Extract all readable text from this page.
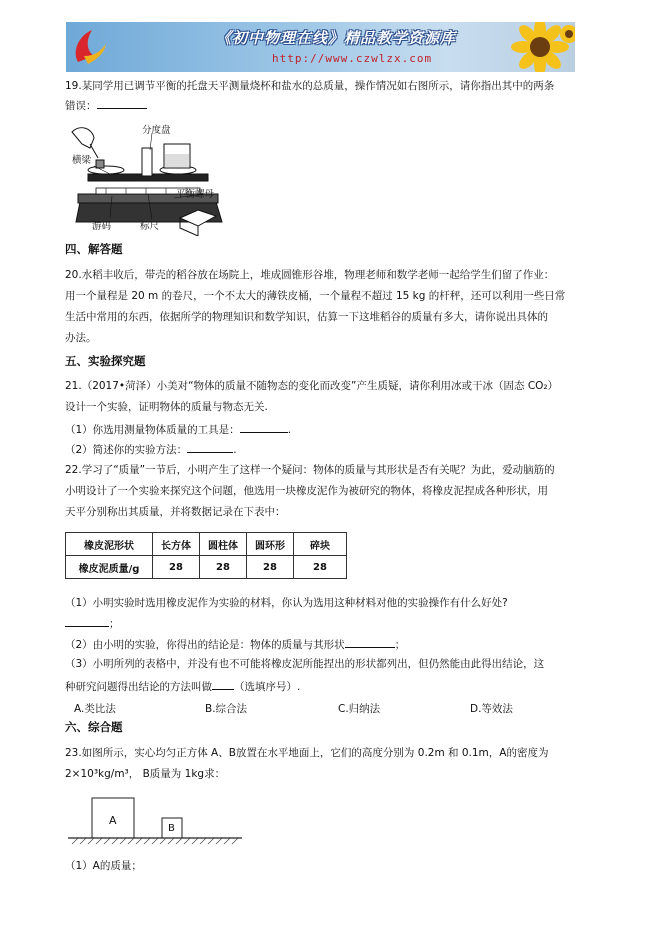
《初中物理在线》精品教学资源库
http://www.czwlzx.com
19.某同学用已调节平衡的托盘天平测量烧杯和盐水的总质量，操作情况如右图所示，请你指出其中的两条
错误：
分度盘
横梁
平衡螺母
游码	标尺
四、解答题
20.水稻丰收后，带壳的稻谷放在场院上，堆成圆锥形谷堆，物理老师和数学老师一起给学生们留了作业：
用一个量程是 20 m 的卷尺，一个不太大的薄铁皮桶，一个量程不超过 15 kg 的杆秤，还可以利用一些日常
生活中常用的东西，依据所学的物理知识和数学知识，估算一下这堆稻谷的质量有多大，请你说出具体的
办法。
五、实验探究题
21.（2017•菏泽）小美对“物体的质量不随物态的变化而改变”产生质疑，请你利用冰或干冰（固态 CO₂）
设计一个实验，证明物体的质量与物态无关.
（1）你选用测量物体质量的工具是：	.
（2）简述你的实验方法：	.
22.学习了“质量”一节后，小明产生了这样一个疑问：物体的质量与其形状是否有关呢？为此，爱动脑筋的
小明设计了一个实验来探究这个问题，他选用一块橡皮泥作为被研究的物体，将橡皮泥捏成各种形状，用
天平分别称出其质量，并将数据记录在下表中：
橡皮泥形状	长方体	圆柱体	圆环形	碎块
橡皮泥质量/g	28	28	28	28
（1）小明实验时选用橡皮泥作为实验的材料，你认为选用这种材料对他的实验操作有什么好处?
；
（2）由小明的实验，你得出的结论是：物体的质量与其形状	；
（3）小明所列的表格中，并没有也不可能将橡皮泥所能捏出的形状都列出，但仍然能由此得出结论，这
种研究问题得出结论的方法叫做 （选填序号）.
A.类比法	B.综合法	C.归纳法	D.等效法
六、综合题
23.如图所示，实心均匀正方体 A、B放置在水平地面上，它们的高度分别为 0.2m 和 0.1m，A的密度为
2×10³kg/m³， B质量为 1kg求：
A
B
（1）A的质量；
